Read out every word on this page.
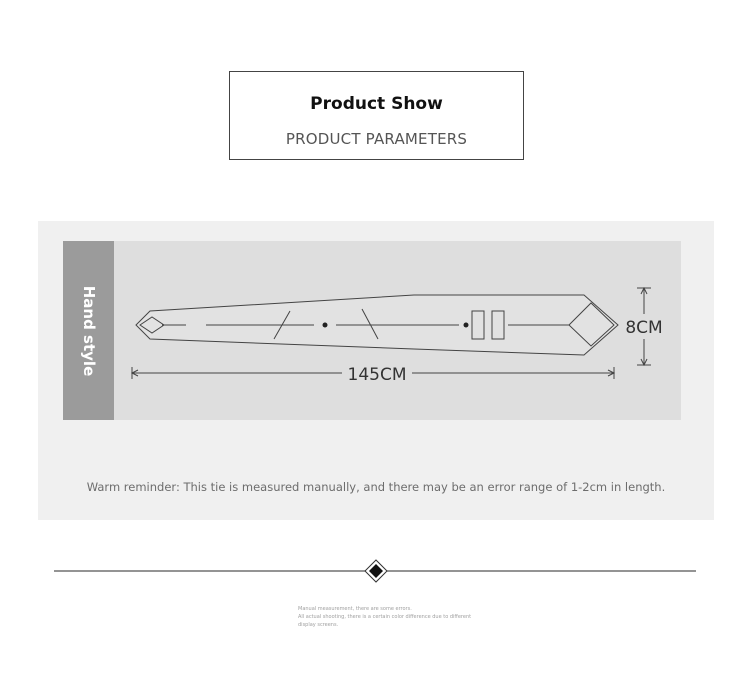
Product Show
PRODUCT PARAMETERS
Hand style	145CM
8CM
Warm reminder: This tie is measured manually, and there may be an error range of 1-2cm in length.
Manual measurement, there are some errors.
All actual shooting, there is a certain color difference due to different
display screens.
